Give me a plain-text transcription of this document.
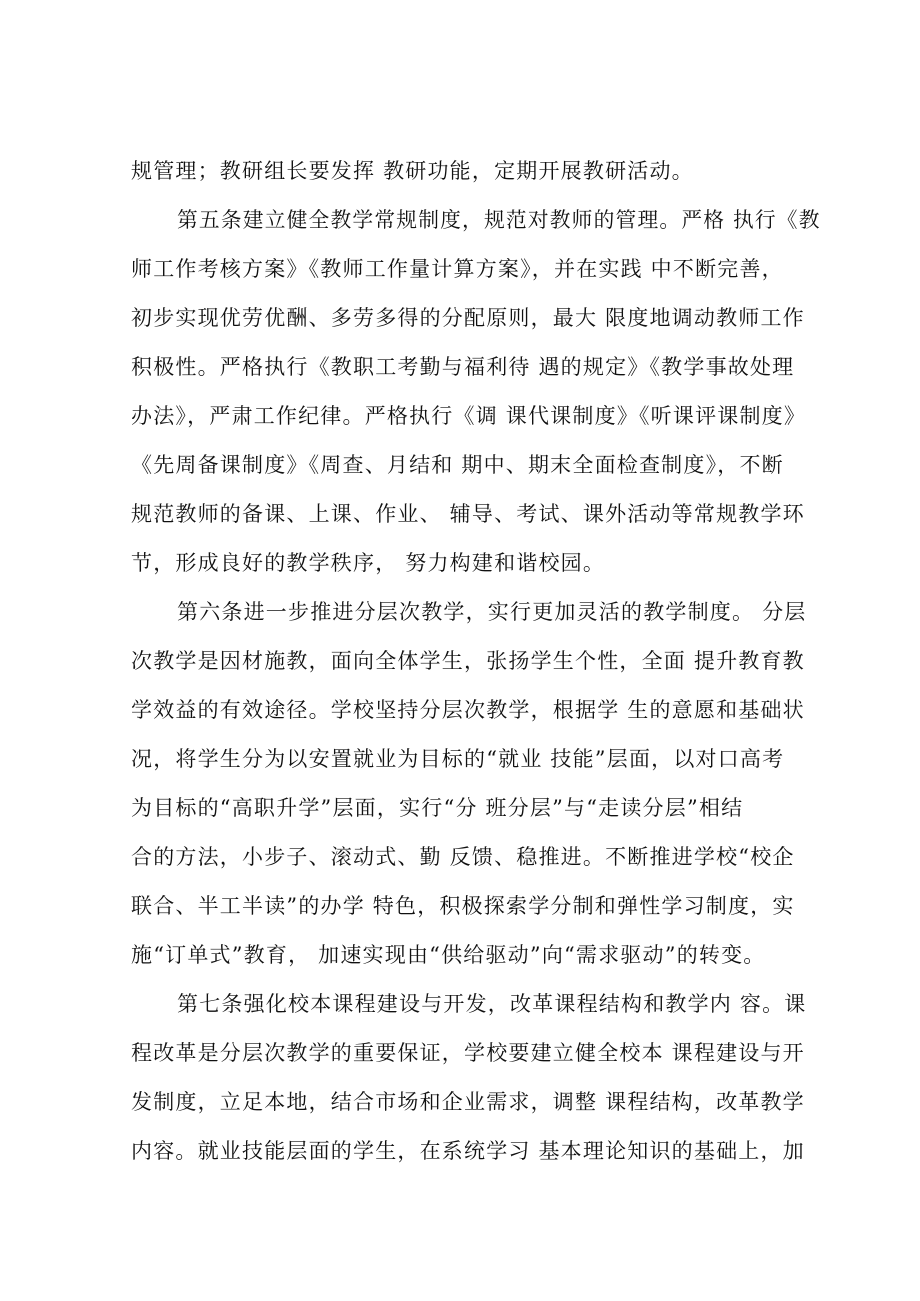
规管理；教研组长要发挥 教研功能，定期开展教研活动。
第五条建立健全教学常规制度，规范对教师的管理。严格 执行《教
师工作考核方案》《教师工作量计算方案》，并在实践 中不断完善，
初步实现优劳优酬、多劳多得的分配原则，最大 限度地调动教师工作
积极性。严格执行《教职工考勤与福利待 遇的规定》《教学事故处理
办法》，严肃工作纪律。严格执行《调 课代课制度》《听课评课制度》
《先周备课制度》《周查、月结和 期中、期末全面检查制度》，不断
规范教师的备课、上课、作业、 辅导、考试、课外活动等常规教学环
节，形成良好的教学秩序， 努力构建和谐校园。
第六条进一步推进分层次教学，实行更加灵活的教学制度。 分层
次教学是因材施教，面向全体学生，张扬学生个性，全面 提升教育教
学效益的有效途径。学校坚持分层次教学，根据学 生的意愿和基础状
况，将学生分为以安置就业为目标的“就业 技能”层面，以对口高考
为目标的“高职升学”层面，实行“分 班分层”与“走读分层”相结
合的方法，小步子、滚动式、勤 反馈、稳推进。不断推进学校“校企
联合、半工半读”的办学 特色，积极探索学分制和弹性学习制度，实
施“订单式”教育， 加速实现由“供给驱动”向“需求驱动”的转变。
第七条强化校本课程建设与开发，改革课程结构和教学内 容。课
程改革是分层次教学的重要保证，学校要建立健全校本 课程建设与开
发制度，立足本地，结合市场和企业需求，调整 课程结构，改革教学
内容。就业技能层面的学生，在系统学习 基本理论知识的基础上，加
